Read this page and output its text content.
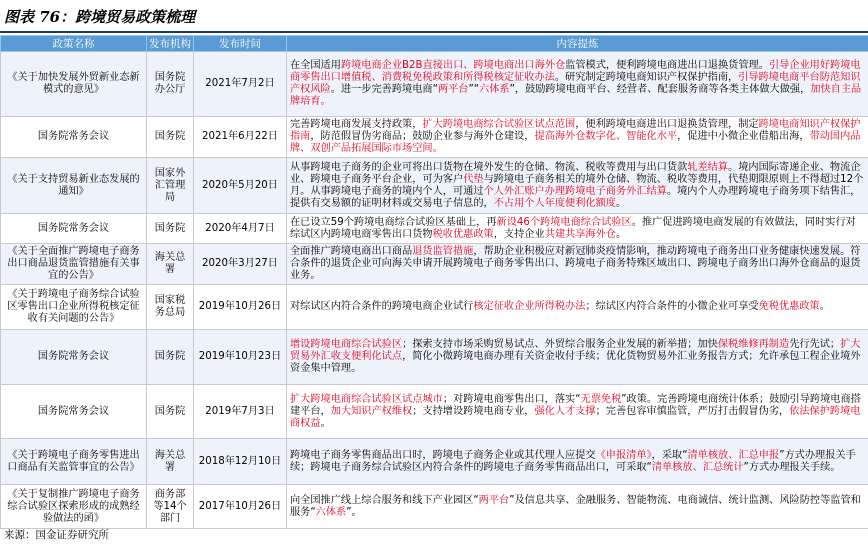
图表 76：跨境贸易政策梳理
政策名称	发布机构	发布时间	内容提炼
《关于加快发展外贸新业态新模式的意见》	国务院办公厅	2021年7月2日	在全国适用跨境电商企业B2B直接出口、跨境电商出口海外仓监管模式，便利跨境电商进出口退换货管理。引导企业用好跨境电商零售出口增值税、消费税免税政策和所得税核定征收办法。研究制定跨境电商知识产权保护指南，引导跨境电商平台防范知识产权风险。进一步完善跨境电商“两平台”“六体系”，鼓励跨境电商平台、经营者、配套服务商等各类主体做大做强，加快自主品牌培育。
国务院常务会议	国务院	2021年6月22日	完善跨境电商发展支持政策，扩大跨境电商综合试验区试点范围，便利跨境电商进出口退换货管理，制定跨境电商知识产权保护指南，防范假冒伪劣商品；鼓励企业参与海外仓建设，提高海外仓数字化、智能化水平，促进中小微企业借船出海，带动国内品牌、双创产品拓展国际市场空间。
《关于支持贸易新业态发展的通知》	国家外汇管理局	2020年5月20日	从事跨境电子商务的企业可将出口货物在境外发生的仓储、物流、税收等费用与出口货款轧差结算。境内国际寄递企业、物流企业、跨境电子商务平台企业，可为客户代垫与跨境电子商务相关的境外仓储、物流、税收等费用，代垫期限原则上不得超过12个月。从事跨境电子商务的境内个人，可通过个人外汇账户办理跨境电子商务外汇结算。境内个人办理跨境电子商务项下结售汇，提供有交易额的证明材料或交易电子信息的，不占用个人年度便利化额度。
国务院常务会议	国务院	2020年4月7日	在已设立59个跨境电商综合试验区基础上，再新设46个跨境电商综合试验区。推广促进跨境电商发展的有效做法，同时实行对综试区内跨境电商零售出口货物税收优惠政策，支持企业共建共享海外仓。
《关于全面推广跨境电子商务出口商品退货监管措施有关事宜的公告》	海关总署	2020年3月27日	全面推广跨境电商出口商品退货监管措施，帮助企业积极应对新冠肺炎疫情影响，推动跨境电子商务出口业务健康快速发展。符合条件的退货企业可向海关申请开展跨境电子商务零售出口、跨境电子商务特殊区域出口、跨境电子商务出口海外仓商品的退货业务。
《关于跨境电子商务综合试验区零售出口企业所得税核定征收有关问题的公告》	国家税务总局	2019年10月26日	对综试区内符合条件的跨境电商企业试行核定征收企业所得税办法；综试区内符合条件的小微企业可享受免税优惠政策。
国务院常务会议	国务院	2019年10月23日	增设跨境电商综合试验区；探索支持市场采购贸易试点、外贸综合服务企业发展的新举措；加快保税维修再制造先行先试；扩大贸易外汇收支便利化试点，简化小微跨境电商办理有关资金收付手续；优化货物贸易外汇业务报告方式；允许承包工程企业境外资金集中管理。
国务院常务会议	国务院	2019年7月3日	扩大跨境电商综合试验区试点城市；对跨境电商零售出口，落实“无票免税”政策。完善跨境电商统计体系；鼓励引导跨境电商搭建平台，加大知识产权维权；支持增设跨境电商专业，强化人才支撑；完善包容审慎监管，严厉打击假冒伪劣，依法保护跨境电商权益。
《关于跨境电子商务零售进出口商品有关监管事宜的公告》	海关总署	2018年12月10日	跨境电子商务零售商品出口时，跨境电子商务企业或其代理人应提交《申报清单》，采取“清单核放、汇总申报”方式办理报关手续；跨境电子商务综合试验区内符合条件的跨境电子商务零售商品出口，可采取“清单核放、汇总统计”方式办理报关手续。
《关于复制推广跨境电子商务综合试验区探索形成的成熟经验做法的函》	商务部等14个部门	2017年10月26日	向全国推广线上综合服务和线下产业园区“两平台”及信息共享、金融服务、智能物流、电商诚信、统计监测、风险防控等监管和服务“六体系”。
来源：国金证券研究所
